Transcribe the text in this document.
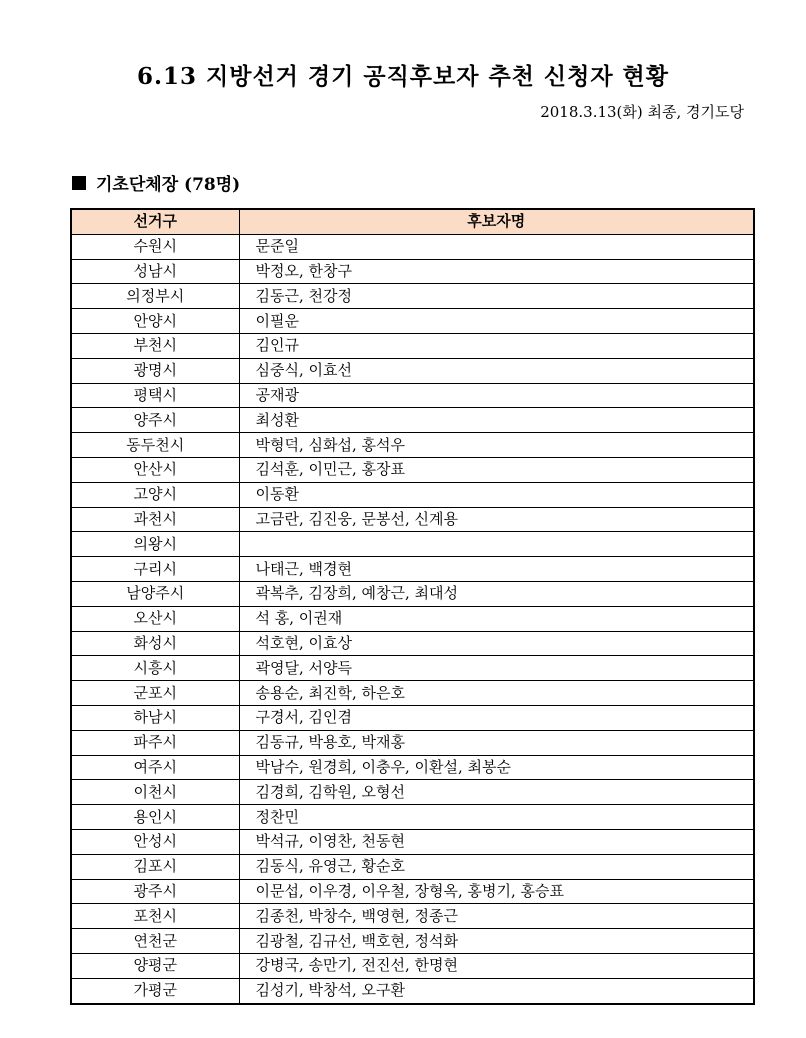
6.13 지방선거 경기 공직후보자 추천 신청자 현황
2018.3.13(화) 최종, 경기도당
기초단체장 (78명)
선거구	후보자명
수원시	문준일
성남시	박정오, 한창구
의정부시	김동근, 천강정
안양시	이필운
부천시	김인규
광명시	심중식, 이효선
평택시	공재광
양주시	최성환
동두천시	박형덕, 심화섭, 홍석우
안산시	김석훈, 이민근, 홍장표
고양시	이동환
과천시	고금란, 김진웅, 문봉선, 신계용
의왕시	
구리시	나태근, 백경현
남양주시	곽복추, 김장희, 예창근, 최대성
오산시	석 홍, 이권재
화성시	석호현, 이효상
시흥시	곽영달, 서양득
군포시	송용순, 최진학, 하은호
하남시	구경서, 김인겸
파주시	김동규, 박용호, 박재홍
여주시	박남수, 원경희, 이충우, 이환설, 최봉순
이천시	김경희, 김학원, 오형선
용인시	정찬민
안성시	박석규, 이영찬, 천동현
김포시	김동식, 유영근, 황순호
광주시	이문섭, 이우경, 이우철, 장형옥, 홍병기, 홍승표
포천시	김종천, 박창수, 백영현, 정종근
연천군	김광철, 김규선, 백호현, 정석화
양평군	강병국, 송만기, 전진선, 한명현
가평군	김성기, 박창석, 오구환
